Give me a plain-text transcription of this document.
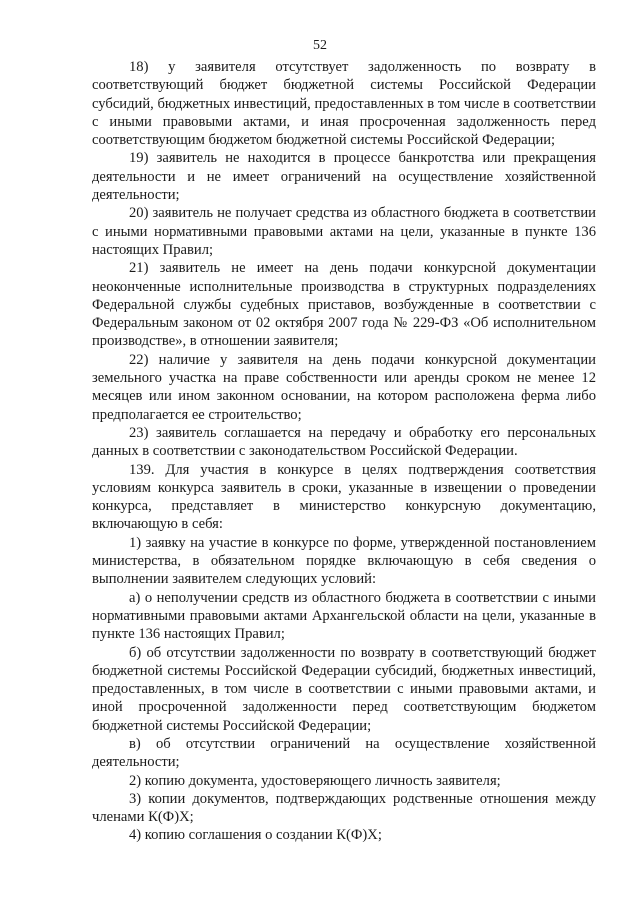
52

18) у заявителя отсутствует задолженность по возврату в соответствующий бюджет бюджетной системы Российской Федерации субсидий, бюджетных инвестиций, предоставленных в том числе в соответствии с иными правовыми актами, и иная просроченная задолженность перед соответствующим бюджетом бюджетной системы Российской Федерации;

19) заявитель не находится в процессе банкротства или прекращения деятельности и не имеет ограничений на осуществление хозяйственной деятельности;

20) заявитель не получает средства из областного бюджета в соответствии с иными нормативными правовыми актами на цели, указанные в пункте 136 настоящих Правил;

21) заявитель не имеет на день подачи конкурсной документации неоконченные исполнительные производства в структурных подразделениях Федеральной службы судебных приставов, возбужденные в соответствии с Федеральным законом от 02 октября 2007 года № 229-ФЗ «Об исполнительном производстве», в отношении заявителя;

22) наличие у заявителя на день подачи конкурсной документации земельного участка на праве собственности или аренды сроком не менее 12 месяцев или ином законном основании, на котором расположена ферма либо предполагается ее строительство;

23) заявитель соглашается на передачу и обработку его персональных данных в соответствии с законодательством Российской Федерации.

139. Для участия в конкурсе в целях подтверждения соответствия условиям конкурса заявитель в сроки, указанные в извещении о проведении конкурса, представляет в министерство конкурсную документацию, включающую в себя:

1) заявку на участие в конкурсе по форме, утвержденной постановлением министерства, в обязательном порядке включающую в себя сведения о выполнении заявителем следующих условий:

а) о неполучении средств из областного бюджета в соответствии с иными нормативными правовыми актами Архангельской области на цели, указанные в пункте 136 настоящих Правил;

б) об отсутствии задолженности по возврату в соответствующий бюджет бюджетной системы Российской Федерации субсидий, бюджетных инвестиций, предоставленных, в том числе в соответствии с иными правовыми актами, и иной просроченной задолженности перед соответствующим бюджетом бюджетной системы Российской Федерации;

в) об отсутствии ограничений на осуществление хозяйственной деятельности;

2) копию документа, удостоверяющего личность заявителя;

3) копии документов, подтверждающих родственные отношения между членами К(Ф)Х;

4) копию соглашения о создании К(Ф)Х;
